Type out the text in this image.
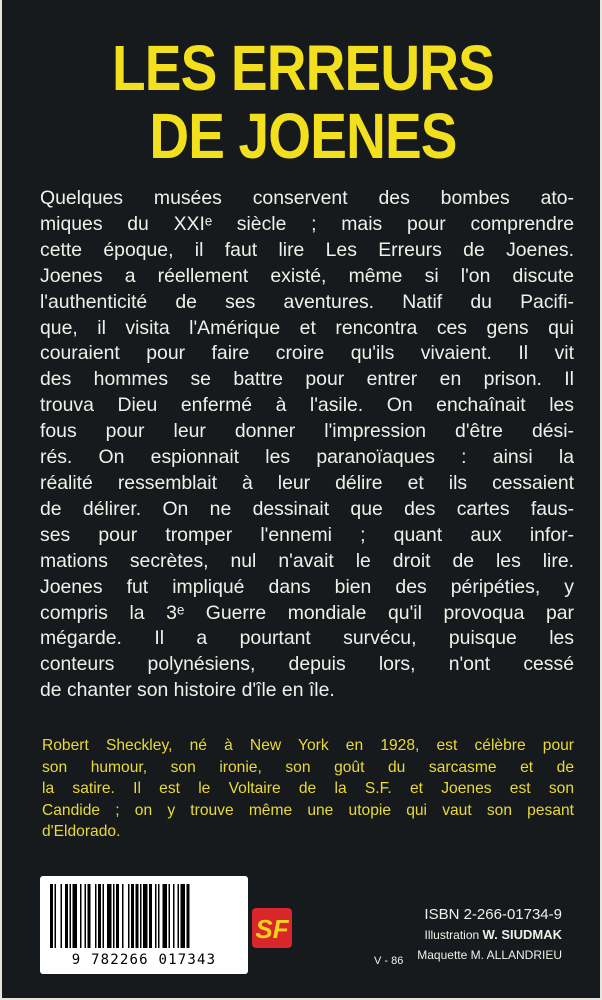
LES ERREURS
DE JOENES
Quelques musées conservent des bombes ato-
miques du XXIᵉ siècle ; mais pour comprendre
cette époque, il faut lire Les Erreurs de Joenes.
Joenes a réellement existé, même si l'on discute
l'authenticité de ses aventures. Natif du Pacifi-
que, il visita l'Amérique et rencontra ces gens qui
couraient pour faire croire qu'ils vivaient. Il vit
des hommes se battre pour entrer en prison. Il
trouva Dieu enfermé à l'asile. On enchaînait les
fous pour leur donner l'impression d'être dési-
rés. On espionnait les paranoïaques : ainsi la
réalité ressemblait à leur délire et ils cessaient
de délirer. On ne dessinait que des cartes faus-
ses pour tromper l'ennemi ; quant aux infor-
mations secrètes, nul n'avait le droit de les lire.
Joenes fut impliqué dans bien des péripéties, y
compris la 3ᵉ Guerre mondiale qu'il provoqua par
mégarde. Il a pourtant survécu, puisque les
conteurs polynésiens, depuis lors, n'ont cessé
de chanter son histoire d'île en île.
Robert Sheckley, né à New York en 1928, est célèbre pour
son humour, son ironie, son goût du sarcasme et de
la satire. Il est le Voltaire de la S.F. et Joenes est son
Candide ; on y trouve même une utopie qui vaut son pesant
d'Eldorado.
9 782266 017343
SF	ISBN 2-266-01734-9
Illustration W. SIUDMAK
Maquette M. ALLANDRIEU
V - 86
